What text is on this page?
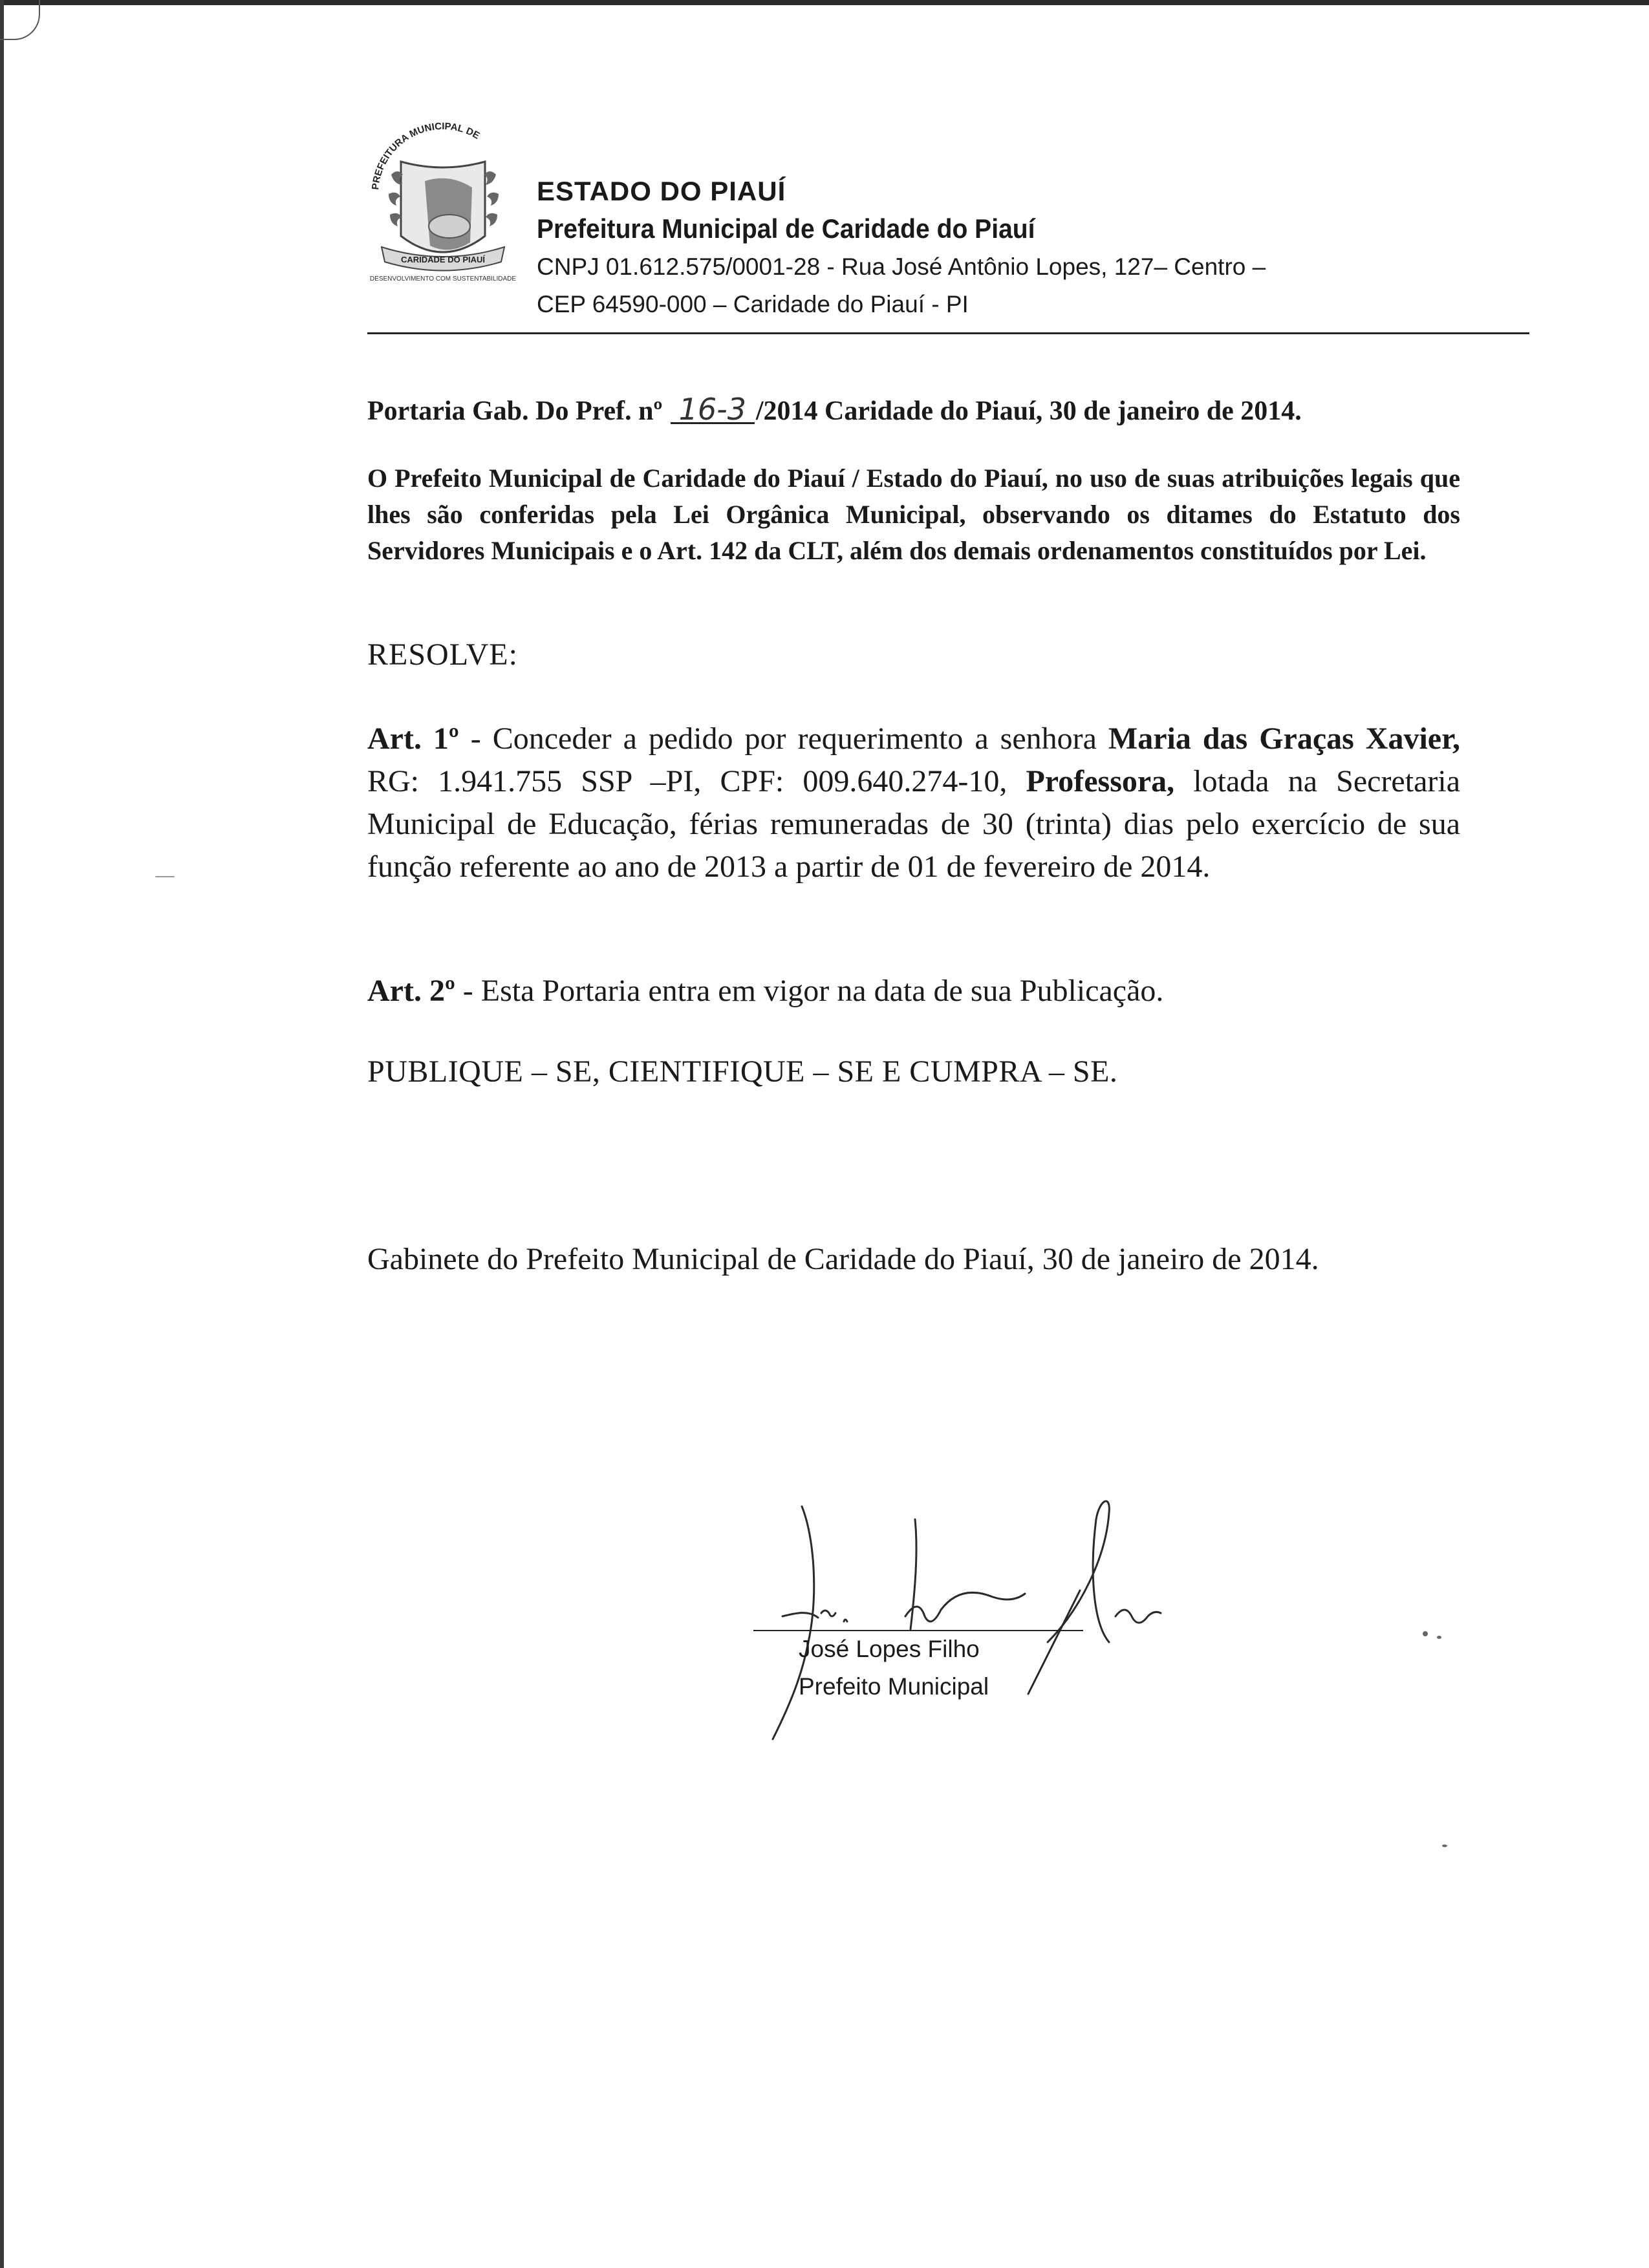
PREFEITURA MUNICIPAL DE
CARIDADE DO PIAUÍ
DESENVOLVIMENTO COM SUSTENTABILIDADE
ESTADO DO PIAUÍ
Prefeitura Municipal de Caridade do Piauí
CNPJ 01.612.575/0001-28 - Rua José Antônio Lopes, 127– Centro –
CEP 64590-000 – Caridade do Piauí - PI
Portaria Gab. Do Pref. nº 16-3 /2014 Caridade do Piauí, 30 de janeiro de 2014.
O Prefeito Municipal de Caridade do Piauí / Estado do Piauí, no uso de suas atribuições legais que lhes são conferidas pela Lei Orgânica Municipal, observando os ditames do Estatuto dos Servidores Municipais e o Art. 142 da CLT, além dos demais ordenamentos constituídos por Lei.
RESOLVE:
Art. 1º - Conceder a pedido por requerimento a senhora Maria das Graças Xavier, RG: 1.941.755 SSP –PI, CPF: 009.640.274-10, Professora, lotada na Secretaria Municipal de Educação, férias remuneradas de 30 (trinta) dias pelo exercício de sua função referente ao ano de 2013 a partir de 01 de fevereiro de 2014.
Art. 2º - Esta Portaria entra em vigor na data de sua Publicação.
PUBLIQUE – SE, CIENTIFIQUE – SE E CUMPRA – SE.
Gabinete do Prefeito Municipal de Caridade do Piauí, 30 de janeiro de 2014.
José Lopes Filho
Prefeito Municipal
